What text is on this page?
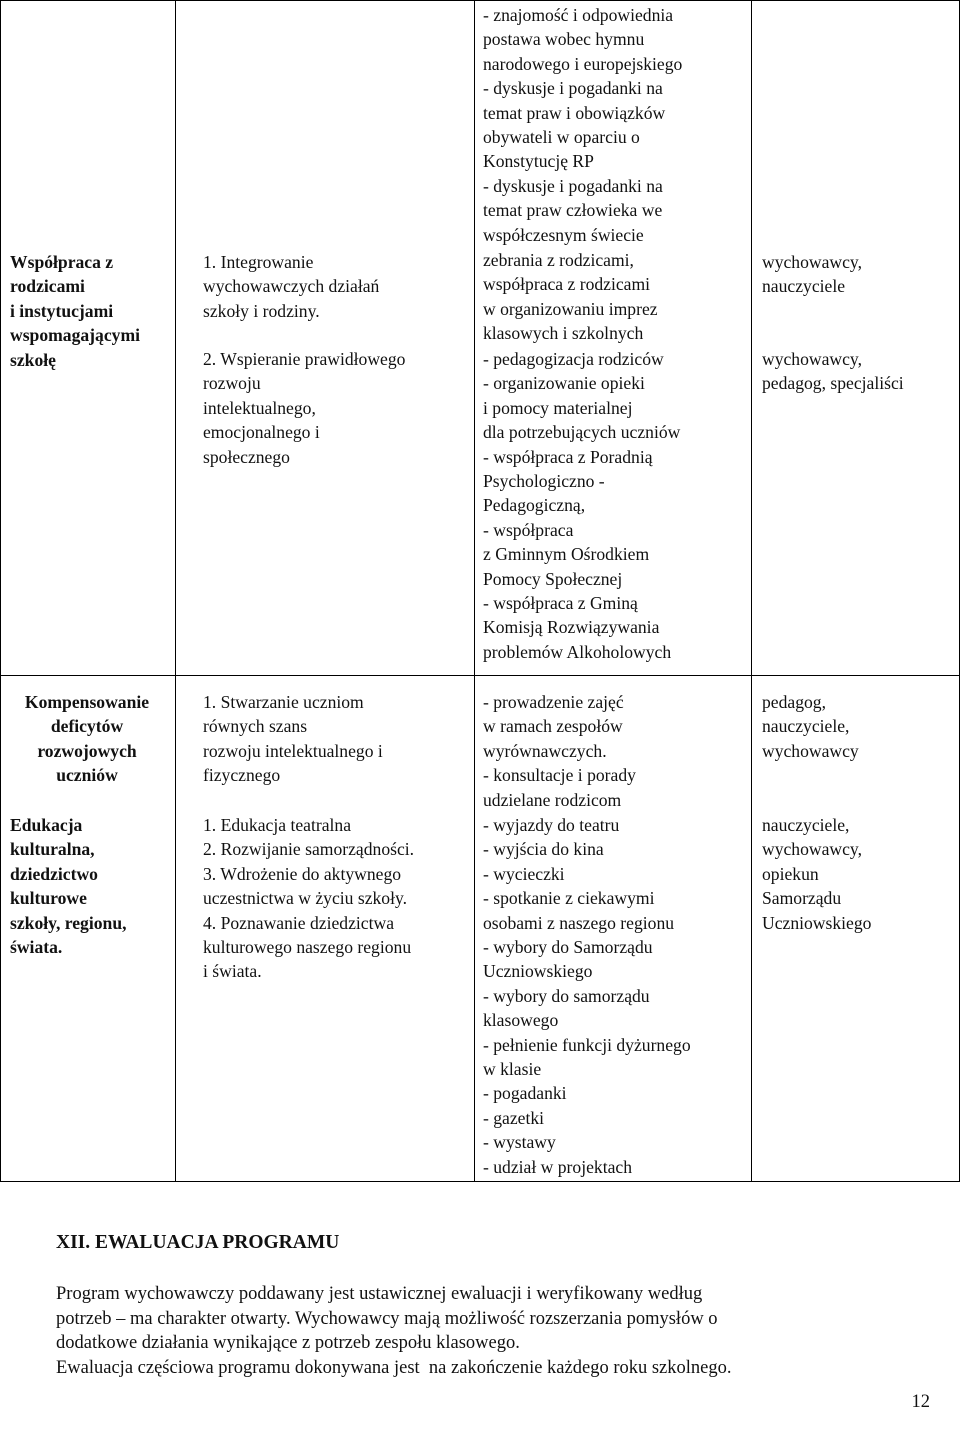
Współpraca z
rodzicami
i instytucjami
wspomagającymi
szkołę
1. Integrowanie
wychowawczych działań
szkoły i rodziny.
2. Wspieranie prawidłowego
rozwoju
intelektualnego,
emocjonalnego i
społecznego
- znajomość i odpowiednia
postawa wobec hymnu
narodowego i europejskiego
- dyskusje i pogadanki na
temat praw i obowiązków
obywateli w oparciu o
Konstytucję RP
- dyskusje i pogadanki na
temat praw człowieka we
współczesnym świecie
zebrania z rodzicami,
współpraca z rodzicami
w organizowaniu imprez
klasowych i szkolnych
- pedagogizacja rodziców
- organizowanie opieki
i pomocy materialnej
dla potrzebujących uczniów
- współpraca z Poradnią
Psychologiczno -
Pedagogiczną,
- współpraca
z Gminnym Ośrodkiem
Pomocy Społecznej
- współpraca z Gminą
Komisją Rozwiązywania
problemów Alkoholowych
wychowawcy,
nauczyciele
wychowawcy,
pedagog, specjaliści
Kompensowanie
deficytów
rozwojowych
uczniów
Edukacja
kulturalna,
dziedzictwo
kulturowe
szkoły, regionu,
świata.
1. Stwarzanie uczniom
równych szans
rozwoju intelektualnego i
fizycznego
1. Edukacja teatralna
2. Rozwijanie samorządności.
3. Wdrożenie do aktywnego
uczestnictwa w życiu szkoły.
4. Poznawanie dziedzictwa
kulturowego naszego regionu
i świata.
- prowadzenie zajęć
w ramach zespołów
wyrównawczych.
- konsultacje i porady
udzielane rodzicom
- wyjazdy do teatru
- wyjścia do kina
- wycieczki
- spotkanie z ciekawymi
osobami z naszego regionu
- wybory do Samorządu
Uczniowskiego
- wybory do samorządu
klasowego
- pełnienie funkcji dyżurnego
w klasie
- pogadanki
- gazetki
- wystawy
- udział w projektach
pedagog,
nauczyciele,
wychowawcy
nauczyciele,
wychowawcy,
opiekun
Samorządu
Uczniowskiego
XII. EWALUACJA PROGRAMU
Program wychowawczy poddawany jest ustawicznej ewaluacji i weryfikowany według
potrzeb – ma charakter otwarty. Wychowawcy mają możliwość rozszerzania pomysłów o
dodatkowe działania wynikające z potrzeb zespołu klasowego.
Ewaluacja częściowa programu dokonywana jest  na zakończenie każdego roku szkolnego.
12
